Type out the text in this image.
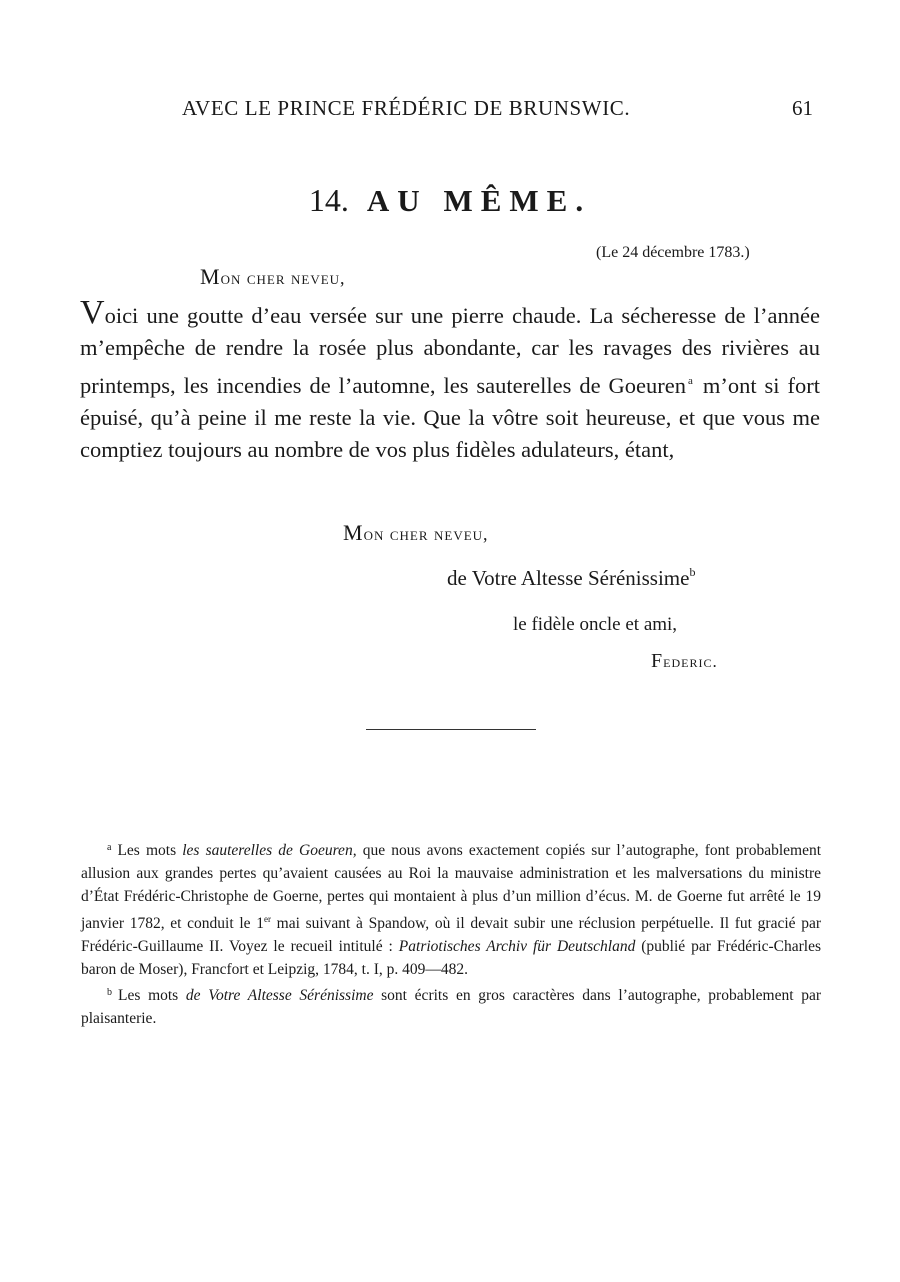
AVEC LE PRINCE FRÉDÉRIC DE BRUNSWIC.	61
14. AU MÊME.
(Le 24 décembre 1783.)
Mon cher neveu,
Voici une goutte d’eau versée sur une pierre chaude. La sécheresse de l’année m’empêche de rendre la rosée plus abondante, car les ravages des rivières au printemps, les incendies de l’automne, les sauterelles de Goeuren $^a$ m’ont si fort épuisé, qu’à peine il me reste la vie. Que la vôtre soit heureuse, et que vous me comptiez toujours au nombre de vos plus fidèles adulateurs, étant,
Mon cher neveu,
de Votre Altesse Sérénissime$^b$
le fidèle oncle et ami,
Federic.

$^a$ Les mots les sauterelles de Goeuren, que nous avons exactement copiés sur l’autographe, font probablement allusion aux grandes pertes qu’avaient causées au Roi la mauvaise administration et les malversations du ministre d’État Frédéric-Christophe de Goerne, pertes qui montaient à plus d’un million d’écus. M. de Goerne fut arrêté le 19 janvier 1782, et conduit le 1er mai suivant à Spandow, où il devait subir une réclusion perpétuelle. Il fut gracié par Frédéric-Guillaume II. Voyez le recueil intitulé : Patriotisches Archiv für Deutschland (publié par Frédéric-Charles baron de Moser), Francfort et Leipzig, 1784, t. I, p. 409—482.

$^b$ Les mots de Votre Altesse Sérénissime sont écrits en gros caractères dans l’autographe, probablement par plaisanterie.
